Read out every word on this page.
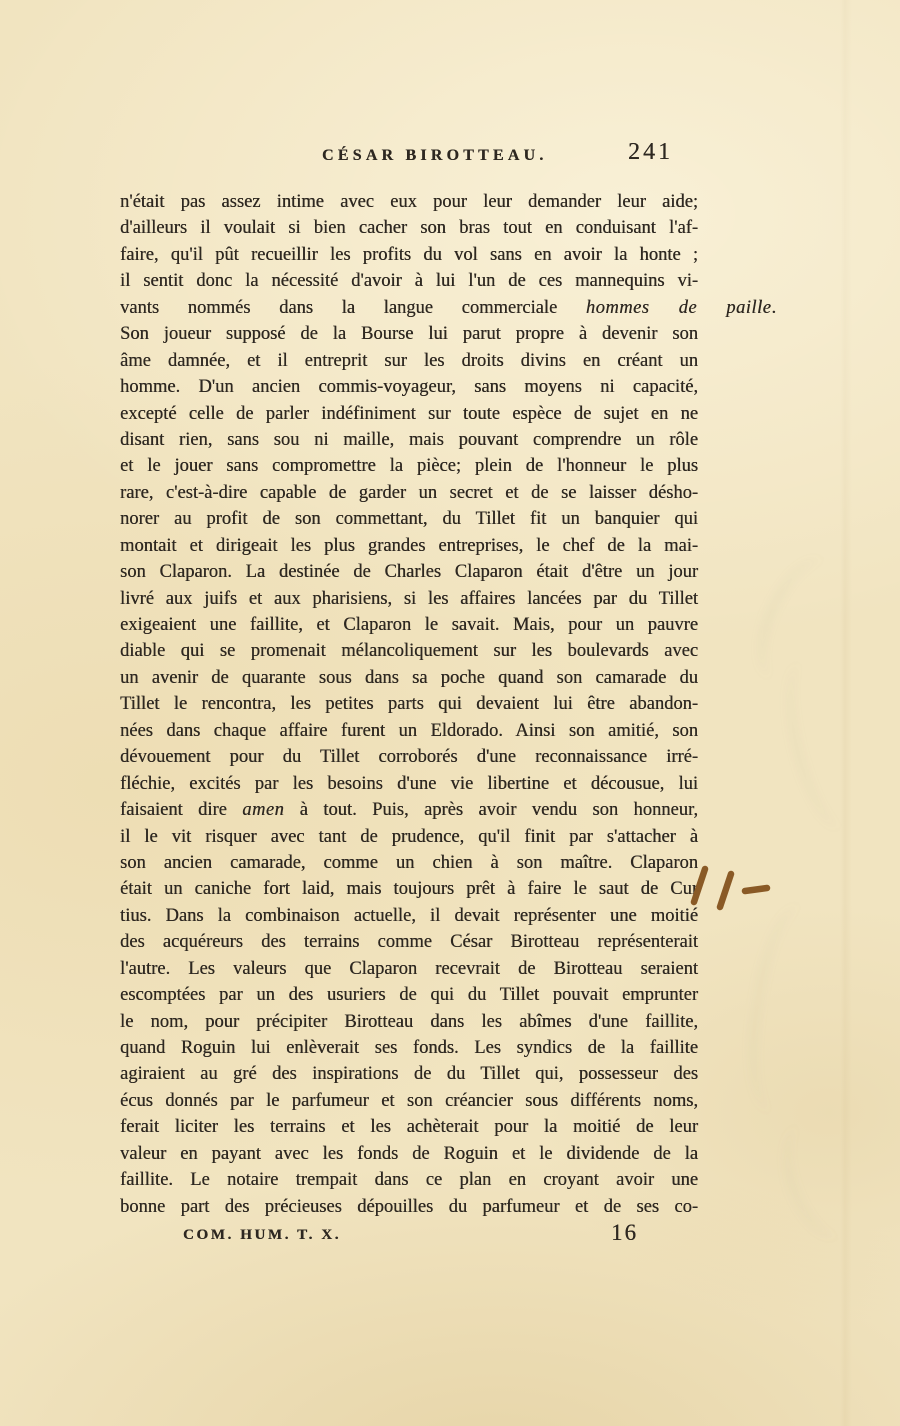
CÉSAR BIROTTEAU.	241
n'était pas assez intime avec eux pour leur demander leur aide;
d'ailleurs il voulait si bien cacher son bras tout en conduisant l'af-
faire, qu'il pût recueillir les profits du vol sans en avoir la honte ;
il sentit donc la nécessité d'avoir à lui l'un de ces mannequins vi-
vants nommés dans la langue commerciale hommes de paille.
Son joueur supposé de la Bourse lui parut propre à devenir son
âme damnée, et il entreprit sur les droits divins en créant un
homme. D'un ancien commis-voyageur, sans moyens ni capacité,
excepté celle de parler indéfiniment sur toute espèce de sujet en ne
disant rien, sans sou ni maille, mais pouvant comprendre un rôle
et le jouer sans compromettre la pièce; plein de l'honneur le plus
rare, c'est-à-dire capable de garder un secret et de se laisser désho-
norer au profit de son commettant, du Tillet fit un banquier qui
montait et dirigeait les plus grandes entreprises, le chef de la mai-
son Claparon. La destinée de Charles Claparon était d'être un jour
livré aux juifs et aux pharisiens, si les affaires lancées par du Tillet
exigeaient une faillite, et Claparon le savait. Mais, pour un pauvre
diable qui se promenait mélancoliquement sur les boulevards avec
un avenir de quarante sous dans sa poche quand son camarade du
Tillet le rencontra, les petites parts qui devaient lui être abandon-
nées dans chaque affaire furent un Eldorado. Ainsi son amitié, son
dévouement pour du Tillet corroborés d'une reconnaissance irré-
fléchie, excités par les besoins d'une vie libertine et décousue, lui
faisaient dire amen à tout. Puis, après avoir vendu son honneur,
il le vit risquer avec tant de prudence, qu'il finit par s'attacher à
son ancien camarade, comme un chien à son maître. Claparon
était un caniche fort laid, mais toujours prêt à faire le saut de Cur
tius. Dans la combinaison actuelle, il devait représenter une moitié
des acquéreurs des terrains comme César Birotteau représenterait
l'autre. Les valeurs que Claparon recevrait de Birotteau seraient
escomptées par un des usuriers de qui du Tillet pouvait emprunter
le nom, pour précipiter Birotteau dans les abîmes d'une faillite,
quand Roguin lui enlèverait ses fonds. Les syndics de la faillite
agiraient au gré des inspirations de du Tillet qui, possesseur des
écus donnés par le parfumeur et son créancier sous différents noms,
ferait liciter les terrains et les achèterait pour la moitié de leur
valeur en payant avec les fonds de Roguin et le dividende de la
faillite. Le notaire trempait dans ce plan en croyant avoir une
bonne part des précieuses dépouilles du parfumeur et de ses co-
COM. HUM. T. X.	16
